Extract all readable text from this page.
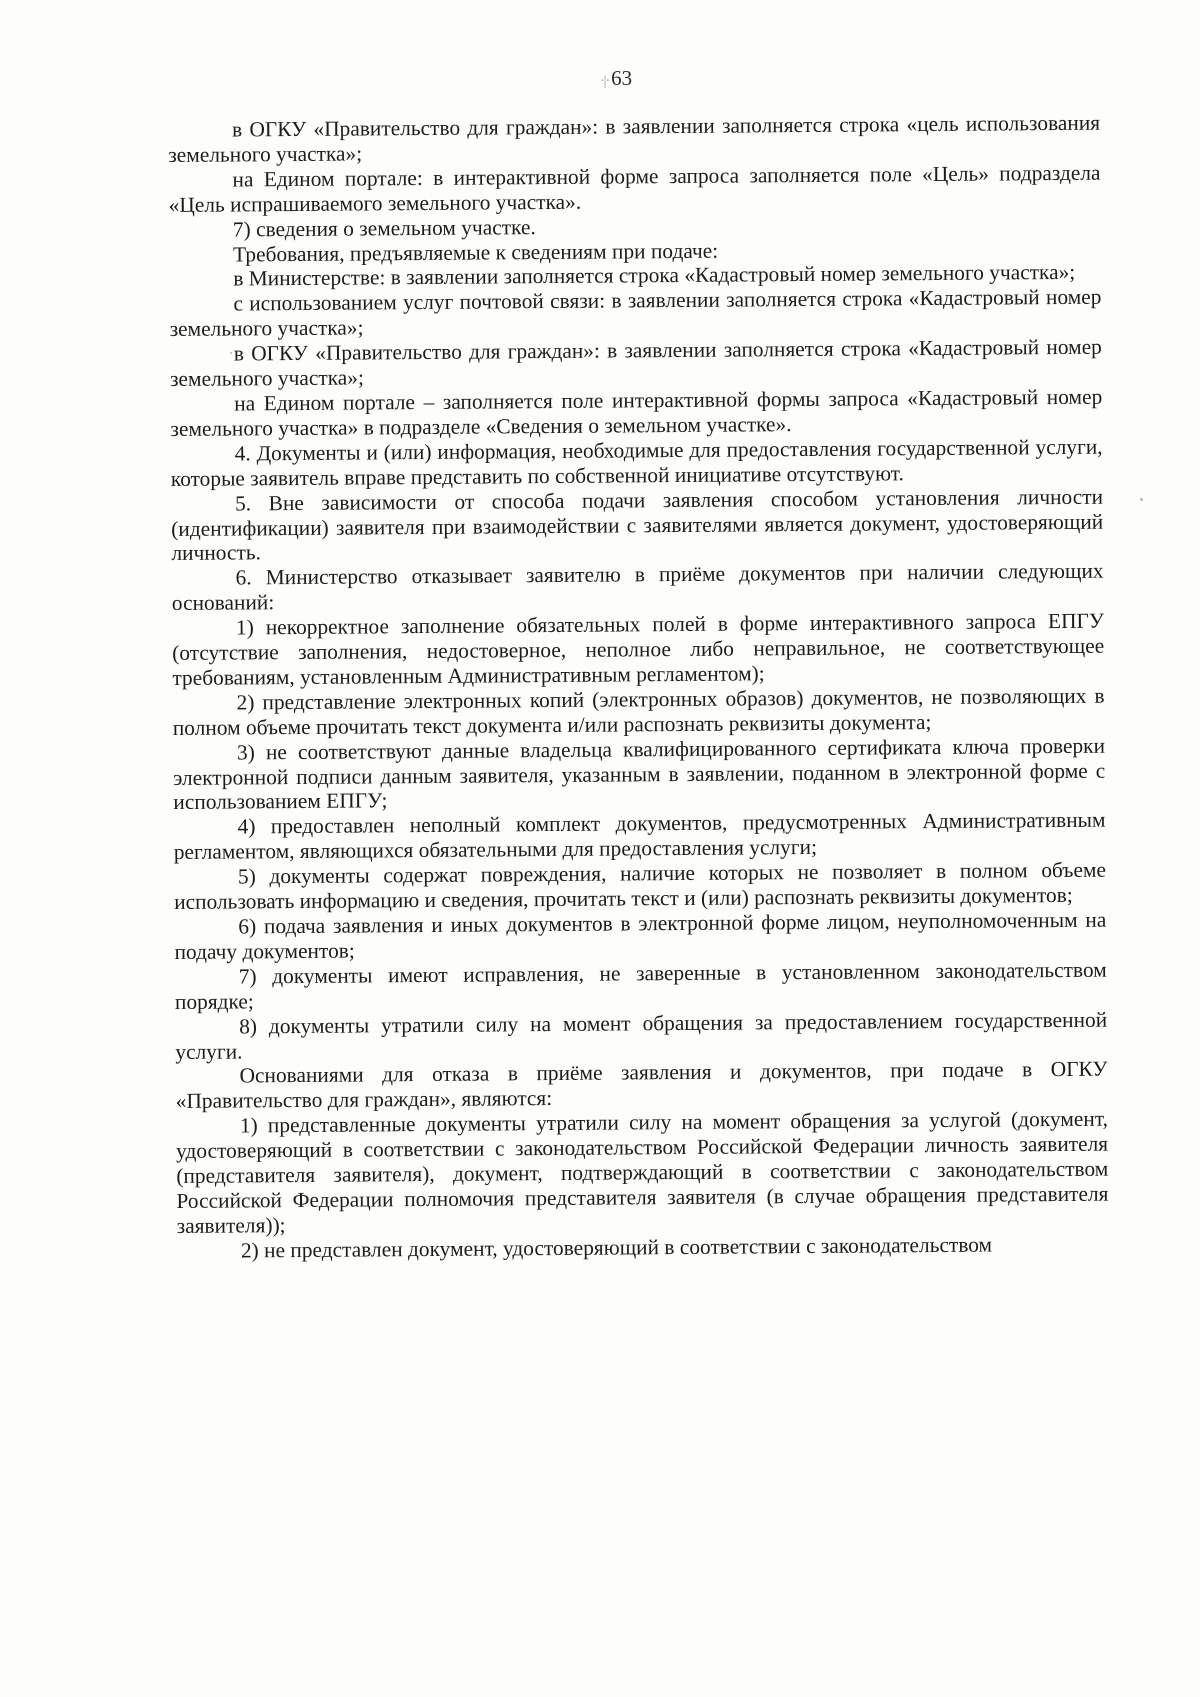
·|·63

в ОГКУ «Правительство для граждан»: в заявлении заполняется строка «цель использования земельного участка»;

на Едином портале: в интерактивной форме запроса заполняется поле «Цель» подраздела «Цель испрашиваемого земельного участка».

7) сведения о земельном участке.

Требования, предъявляемые к сведениям при подаче:

в Министерстве: в заявлении заполняется строка «Кадастровый номер земельного участка»;

с использованием услуг почтовой связи: в заявлении заполняется строка «Кадастровый номер земельного участка»;

в ОГКУ «Правительство для граждан»: в заявлении заполняется строка «Кадастровый номер земельного участка»;

на Едином портале – заполняется поле интерактивной формы запроса «Кадастровый номер земельного участка» в подразделе «Сведения о земельном участке».

4. Документы и (или) информация, необходимые для предоставления государственной услуги, которые заявитель вправе представить по собственной инициативе отсутствуют.

5. Вне зависимости от способа подачи заявления способом установления личности (идентификации) заявителя при взаимодействии с заявителями является документ, удостоверяющий личность.

6. Министерство отказывает заявителю в приёме документов при наличии следующих оснований:

1) некорректное заполнение обязательных полей в форме интерактивного запроса ЕПГУ (отсутствие заполнения, недостоверное, неполное либо неправильное, не соответствующее требованиям, установленным Административным регламентом);

2) представление электронных копий (электронных образов) документов, не позволяющих в полном объеме прочитать текст документа и/или распознать реквизиты документа;

3) не соответствуют данные владельца квалифицированного сертификата ключа проверки электронной подписи данным заявителя, указанным в заявлении, поданном в электронной форме с использованием ЕПГУ;

4) предоставлен неполный комплект документов, предусмотренных Административным регламентом, являющихся обязательными для предоставления услуги;

5) документы содержат повреждения, наличие которых не позволяет в полном объеме использовать информацию и сведения, прочитать текст и (или) распознать реквизиты документов;

6) подача заявления и иных документов в электронной форме лицом, неуполномоченным на подачу документов;

7) документы имеют исправления, не заверенные в установленном законодательством порядке;

8) документы утратили силу на момент обращения за предоставлением государственной услуги.

Основаниями для отказа в приёме заявления и документов, при подаче в ОГКУ «Правительство для граждан», являются:

1) представленные документы утратили силу на момент обращения за услугой (документ, удостоверяющий в соответствии с законодательством Российской Федерации личность заявителя (представителя заявителя), документ, подтверждающий в соответствии с законодательством Российской Федерации полномочия представителя заявителя (в случае обращения представителя заявителя));

2) не представлен документ, удостоверяющий в соответствии с законодательством
